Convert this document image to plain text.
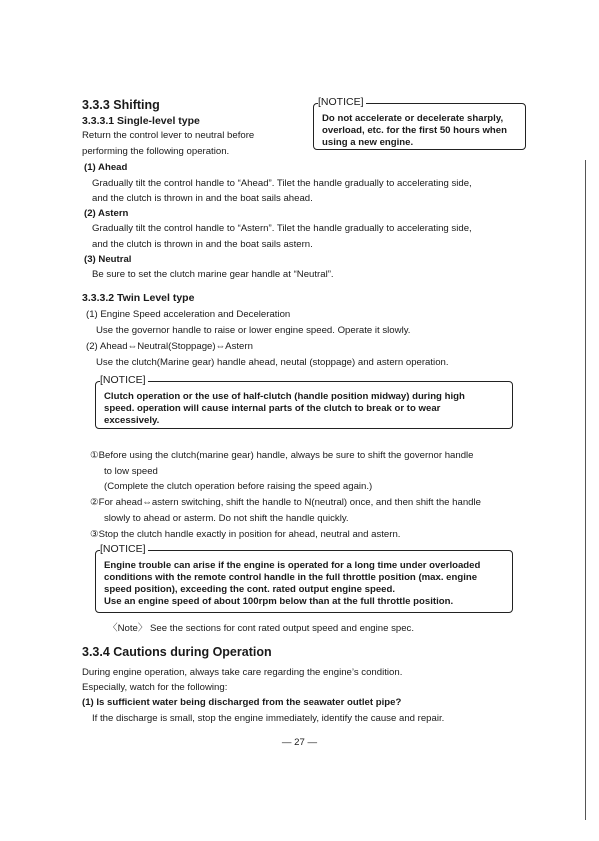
3.3.3 Shifting
3.3.3.1 Single-level type
Return the control lever to neutral before
performing the following operation.
[NOTICE]
Do not accelerate or decelerate sharply,
overload, etc. for the first 50 hours when
using a new engine.
(1) Ahead
Gradually tilt the control handle to “Ahead”. Tilet the handle gradually to accelerating side,
and the clutch is thrown in and the boat sails ahead.
(2) Astern
Gradually tilt the control handle to “Astern”. Tilet the handle gradually to accelerating side,
and the clutch is thrown in and the boat sails astern.
(3) Neutral
Be sure to set the clutch marine gear handle at “Neutral”.
3.3.3.2 Twin Level type
(1) Engine Speed acceleration and Deceleration
Use the governor handle to raise or lower engine speed. Operate it slowly.
(2) Ahead⇔Neutral(Stoppage)⇔Astern
Use the clutch(Marine gear) handle ahead, neutal (stoppage) and astern operation.
[NOTICE]
Clutch operation or the use of half-clutch (handle position midway) during high
speed. operation will cause internal parts of the clutch to break or to wear
excessively.
①Before using the clutch(marine gear) handle, always be sure to shift the governor handle
to low speed
(Complete the clutch operation before raising the speed again.)
②For ahead⇔astern switching, shift the handle to N(neutral) once, and then shift the handle
slowly to ahead or asterm. Do not shift the handle quickly.
③Stop the clutch handle exactly in position for ahead, neutral and astern.
[NOTICE]
Engine trouble can arise if the engine is operated for a long time under overloaded
conditions with the remote control handle in the full throttle position (max. engine
speed position), exceeding the cont. rated output engine speed.
Use an engine speed of about 100rpm below than at the full throttle position.
〈Note〉 See the sections for cont rated output speed and engine spec.
3.3.4 Cautions during Operation
During engine operation, always take care regarding the engine’s condition.
Especially, watch for the following:
(1) Is sufficient water being discharged from the seawater outlet pipe?
If the discharge is small, stop the engine immediately, identify the cause and repair.
— 27 —
